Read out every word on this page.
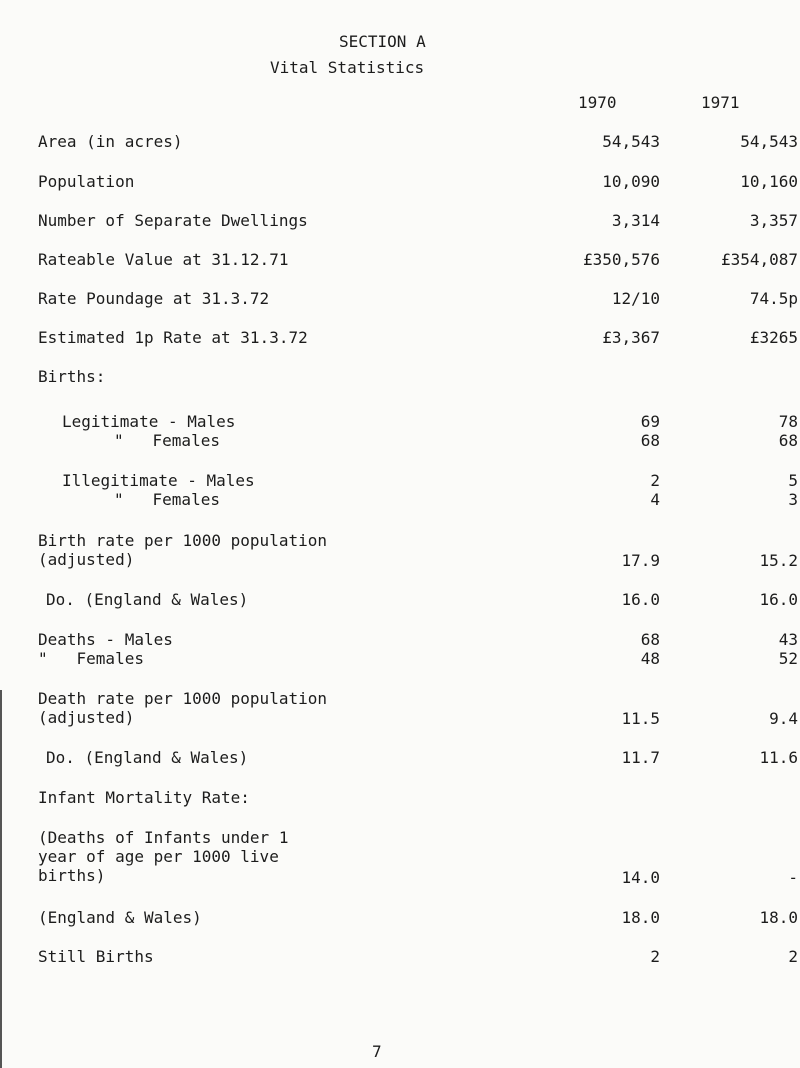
SECTION A
Vital Statistics
1970	1971
Area (in acres)	54,543	54,543
Population	10,090	10,160
Number of Separate Dwellings	3,314	3,357
Rateable Value at 31.12.71	£350,576	£354,087
Rate Poundage at 31.3.72	12/10	74.5p
Estimated 1p Rate at 31.3.72	£3,367	£3265
Births:
Legitimate - Males	69	78
"   Females	68	68
Illegitimate - Males	2	5
"   Females	4	3
Birth rate per 1000 population
(adjusted)	17.9	15.2
Do. (England & Wales)	16.0	16.0
Deaths - Males	68	43
"   Females	48	52
Death rate per 1000 population
(adjusted)	11.5	9.4
Do. (England & Wales)	11.7	11.6
Infant Mortality Rate:
(Deaths of Infants under 1
year of age per 1000 live
births)	14.0	-
(England & Wales)	18.0	18.0
Still Births	2	2
7
